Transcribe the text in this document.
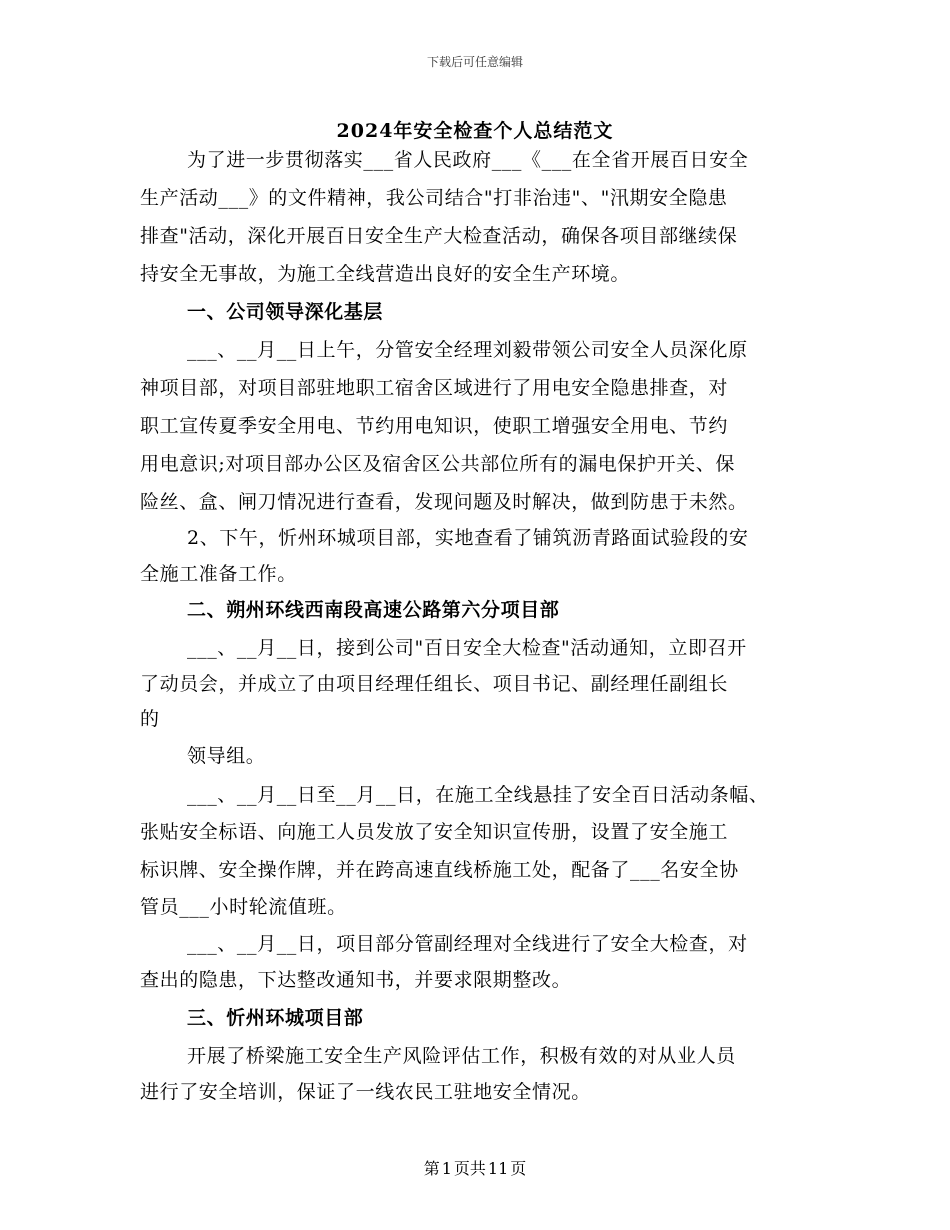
下载后可任意编辑
2024年安全检查个人总结范文
为了进一步贯彻落实___省人民政府___《___在全省开展百日安全
生产活动___》的文件精神，我公司结合"打非治违"、"汛期安全隐患
排查"活动，深化开展百日安全生产大检查活动，确保各项目部继续保
持安全无事故，为施工全线营造出良好的安全生产环境。
一、公司领导深化基层
___、__月__日上午，分管安全经理刘毅带领公司安全人员深化原
神项目部，对项目部驻地职工宿舍区域进行了用电安全隐患排查，对
职工宣传夏季安全用电、节约用电知识，使职工增强安全用电、节约
用电意识;对项目部办公区及宿舍区公共部位所有的漏电保护开关、保
险丝、盒、闸刀情况进行查看，发现问题及时解决，做到防患于未然。
2、下午，忻州环城项目部，实地查看了铺筑沥青路面试验段的安
全施工准备工作。
二、朔州环线西南段高速公路第六分项目部
___、__月__日，接到公司"百日安全大检查"活动通知，立即召开
了动员会，并成立了由项目经理任组长、项目书记、副经理任副组长
的
领导组。
___、__月__日至__月__日，在施工全线悬挂了安全百日活动条幅、
张贴安全标语、向施工人员发放了安全知识宣传册，设置了安全施工
标识牌、安全操作牌，并在跨高速直线桥施工处，配备了___名安全协
管员___小时轮流值班。
___、__月__日，项目部分管副经理对全线进行了安全大检查，对
查出的隐患，下达整改通知书，并要求限期整改。
三、忻州环城项目部
开展了桥梁施工安全生产风险评估工作，积极有效的对从业人员
进行了安全培训，保证了一线农民工驻地安全情况。
第 1 页共 11 页
